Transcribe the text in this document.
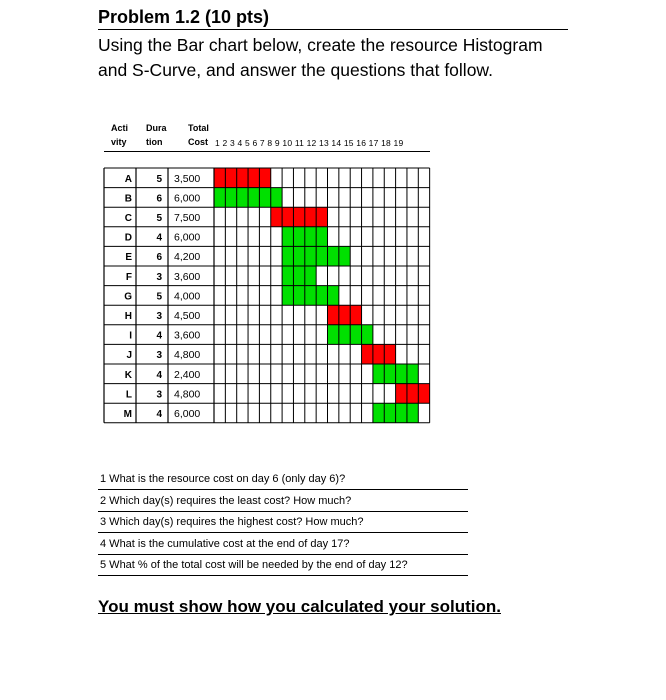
Problem 1.2 (10 pts)
Using the Bar chart below, create the resource Histogram and S-Curve, and answer the questions that follow.
Acti
vity
Dura
tion
Total
Cost 1 2 3 4 5 6 7 8 9 10 11 12 13 14 15 16 17 18 19
A 5 3,500
B 6 6,000
C 5 7,500
D 4 6,000
E 6 4,200
F 3 3,600
G 5 4,000
H 3 4,500
I 4 3,600
J 3 4,800
K 4 2,400
L 3 4,800
M 4 6,000
1 What is the resource cost on day 6 (only day 6)?
2 Which day(s) requires the least cost? How much?
3 Which day(s) requires the highest cost? How much?
4 What is the cumulative cost at the end of day 17?
5 What % of the total cost will be needed by the end of day 12?
You must show how you calculated your solution.
